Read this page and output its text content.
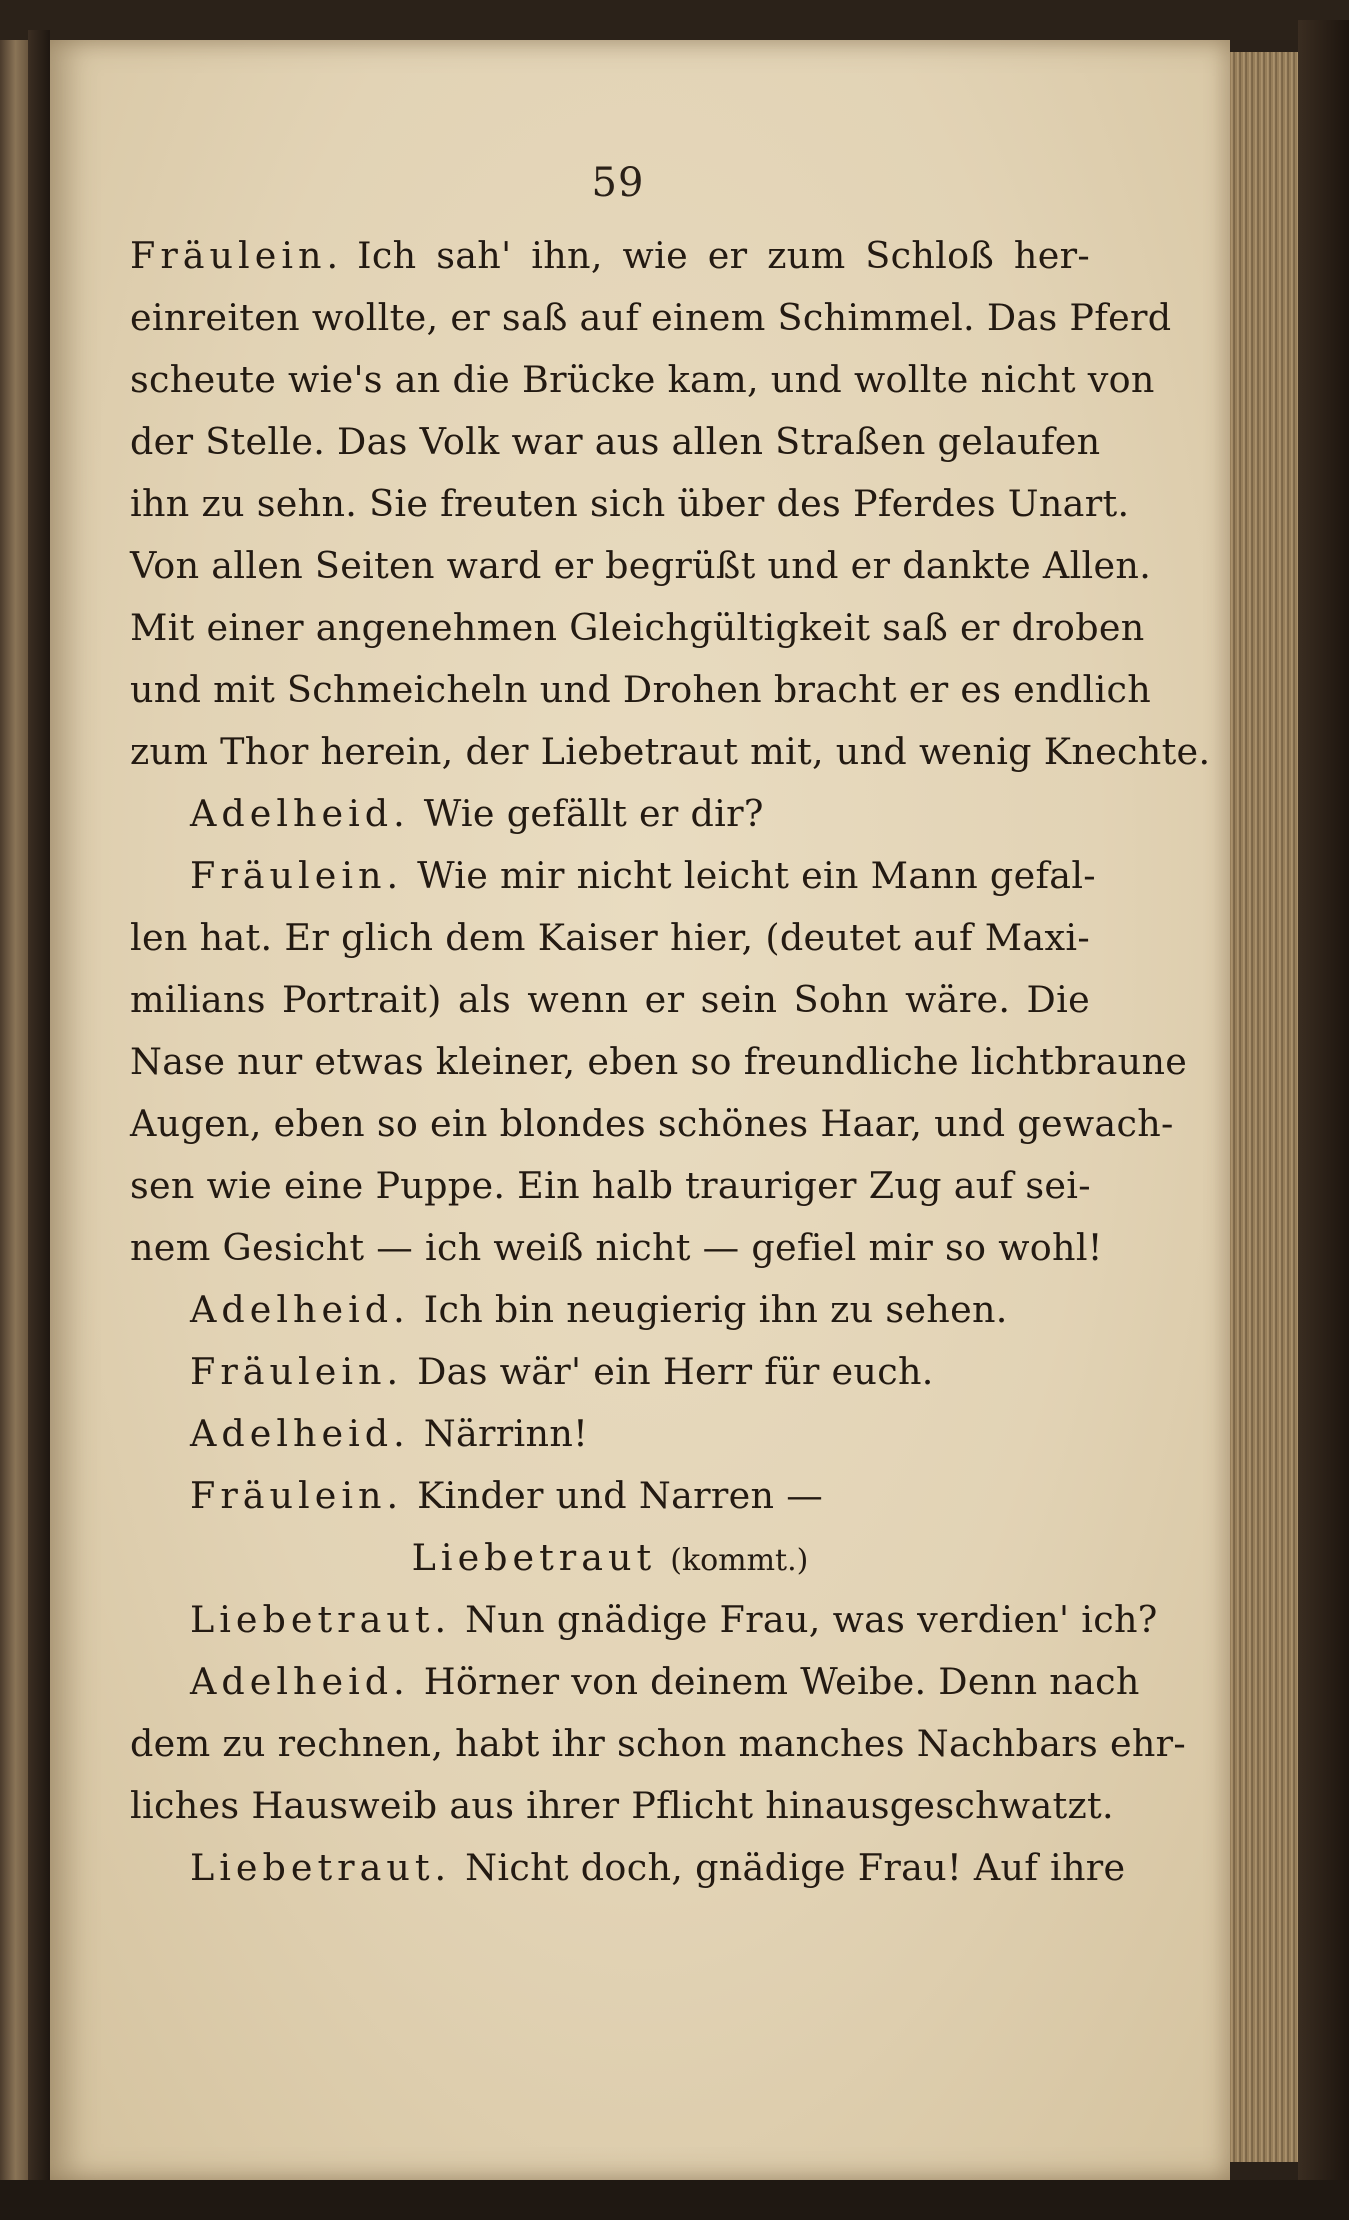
59
Fräulein. Ich sah' ihn, wie er zum Schloß her-
einreiten wollte, er saß auf einem Schimmel. Das Pferd
scheute wie's an die Brücke kam, und wollte nicht von
der Stelle. Das Volk war aus allen Straßen gelaufen
ihn zu sehn. Sie freuten sich über des Pferdes Unart.
Von allen Seiten ward er begrüßt und er dankte Allen.
Mit einer angenehmen Gleichgültigkeit saß er droben
und mit Schmeicheln und Drohen bracht er es endlich
zum Thor herein, der Liebetraut mit, und wenig Knechte.
Adelheid. Wie gefällt er dir?
Fräulein. Wie mir nicht leicht ein Mann gefal-
len hat. Er glich dem Kaiser hier, (deutet auf Maxi-
milians Portrait) als wenn er sein Sohn wäre. Die
Nase nur etwas kleiner, eben so freundliche lichtbraune
Augen, eben so ein blondes schönes Haar, und gewach-
sen wie eine Puppe. Ein halb trauriger Zug auf sei-
nem Gesicht — ich weiß nicht — gefiel mir so wohl!
Adelheid. Ich bin neugierig ihn zu sehen.
Fräulein. Das wär' ein Herr für euch.
Adelheid. Närrinn!
Fräulein. Kinder und Narren —
Liebetraut (kommt.)
Liebetraut. Nun gnädige Frau, was verdien' ich?
Adelheid. Hörner von deinem Weibe. Denn nach
dem zu rechnen, habt ihr schon manches Nachbars ehr-
liches Hausweib aus ihrer Pflicht hinausgeschwatzt.
Liebetraut. Nicht doch, gnädige Frau! Auf ihre
